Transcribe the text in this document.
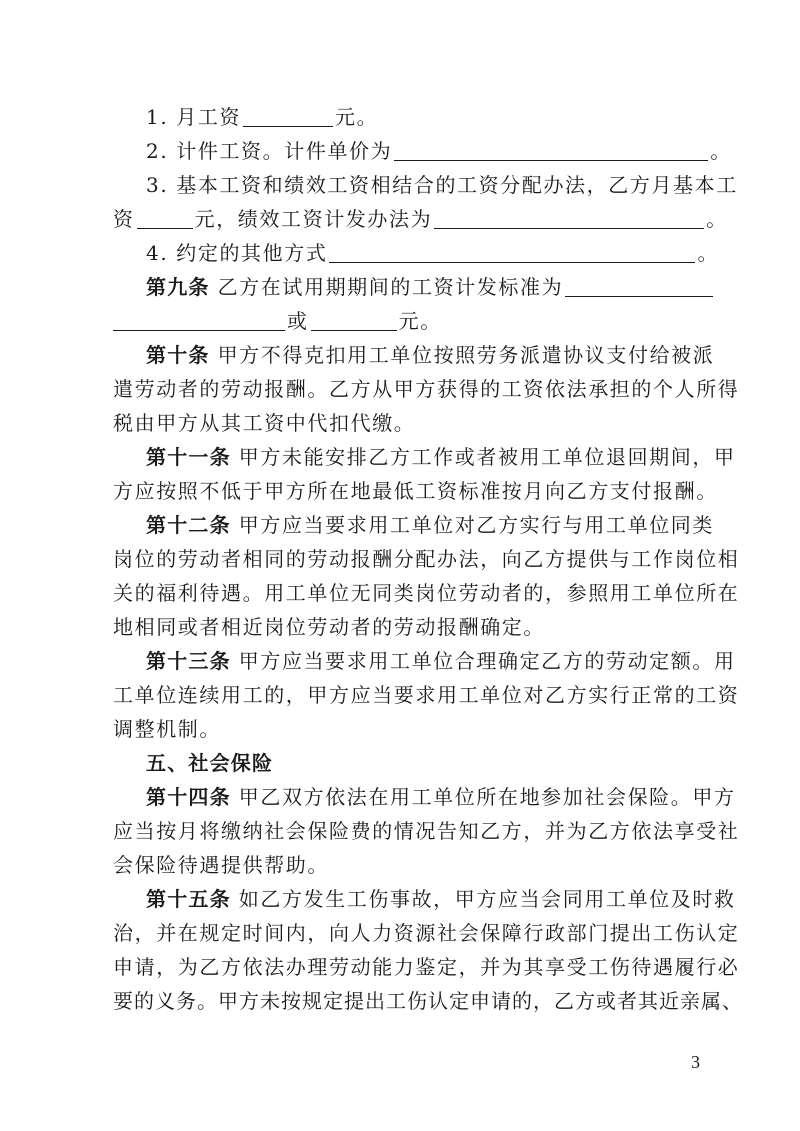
1. 月工资	元。
2. 计件工资。计件单价为	。
3. 基本工资和绩效工资相结合的工资分配办法，乙方月基本工
资	元，绩效工资计发办法为	。
4. 约定的其他方式	。
第九条 乙方在试用期期间的工资计发标准为
或	元。
第十条 甲方不得克扣用工单位按照劳务派遣协议支付给被派
遣劳动者的劳动报酬。乙方从甲方获得的工资依法承担的个人所得
税由甲方从其工资中代扣代缴。
第十一条 甲方未能安排乙方工作或者被用工单位退回期间，甲
方应按照不低于甲方所在地最低工资标准按月向乙方支付报酬。
第十二条 甲方应当要求用工单位对乙方实行与用工单位同类
岗位的劳动者相同的劳动报酬分配办法，向乙方提供与工作岗位相
关的福利待遇。用工单位无同类岗位劳动者的，参照用工单位所在
地相同或者相近岗位劳动者的劳动报酬确定。
第十三条 甲方应当要求用工单位合理确定乙方的劳动定额。用
工单位连续用工的，甲方应当要求用工单位对乙方实行正常的工资
调整机制。
五、社会保险
第十四条 甲乙双方依法在用工单位所在地参加社会保险。甲方
应当按月将缴纳社会保险费的情况告知乙方，并为乙方依法享受社
会保险待遇提供帮助。
第十五条 如乙方发生工伤事故，甲方应当会同用工单位及时救
治，并在规定时间内，向人力资源社会保障行政部门提出工伤认定
申请，为乙方依法办理劳动能力鉴定，并为其享受工伤待遇履行必
要的义务。甲方未按规定提出工伤认定申请的，乙方或者其近亲属、
3
